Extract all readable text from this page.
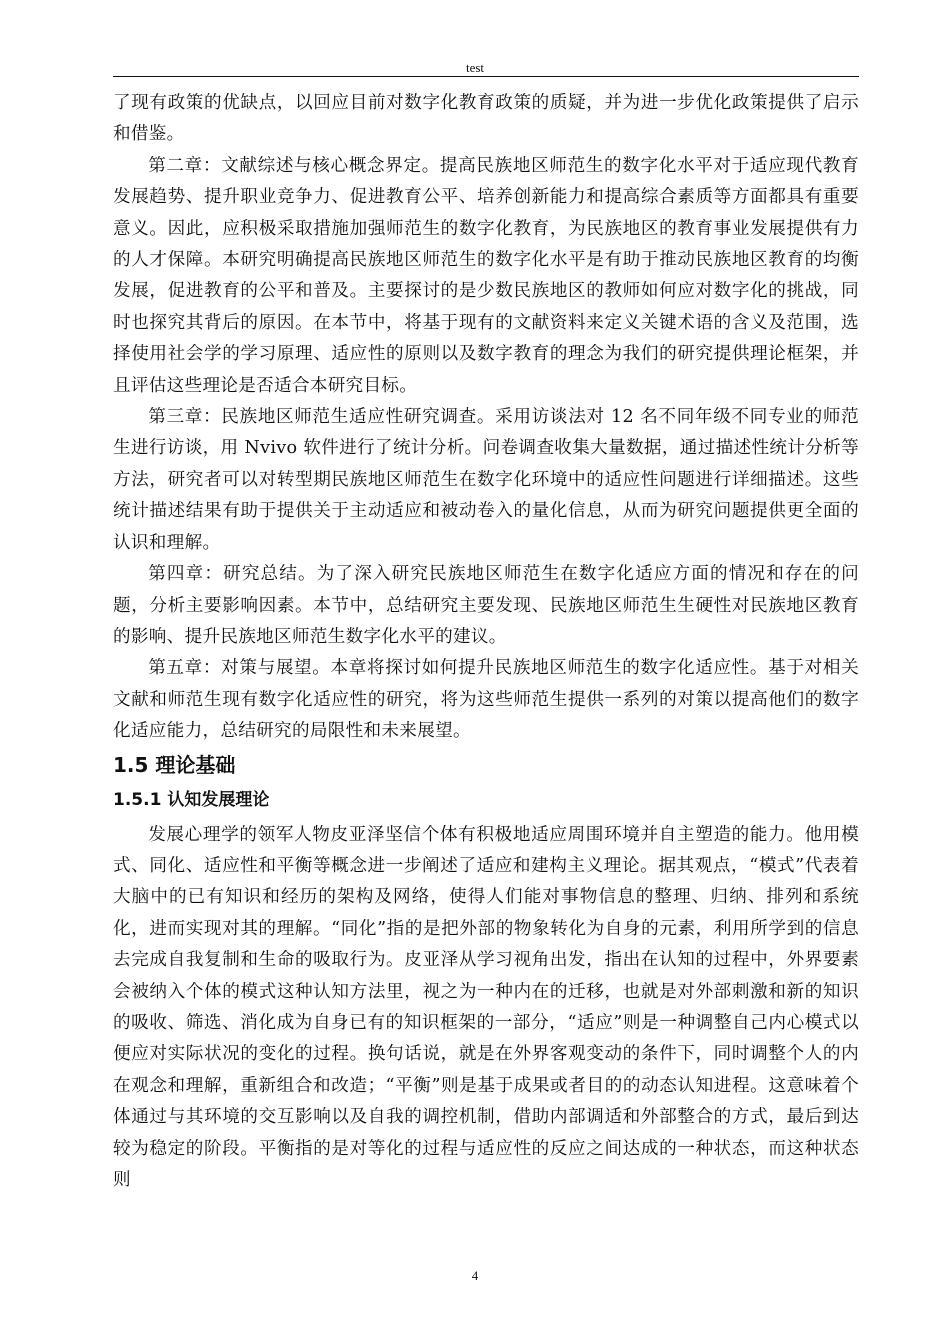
test

了现有政策的优缺点，以回应目前对数字化教育政策的质疑，并为进一步优化政策提供了启示和借鉴。

第二章：文献综述与核心概念界定。提高民族地区师范生的数字化水平对于适应现代教育发展趋势、提升职业竞争力、促进教育公平、培养创新能力和提高综合素质等方面都具有重要意义。因此，应积极采取措施加强师范生的数字化教育，为民族地区的教育事业发展提供有力的人才保障。本研究明确提高民族地区师范生的数字化水平是有助于推动民族地区教育的均衡发展，促进教育的公平和普及。主要探讨的是少数民族地区的教师如何应对数字化的挑战，同时也探究其背后的原因。在本节中，将基于现有的文献资料来定义关键术语的含义及范围，选择使用社会学的学习原理、适应性的原则以及数字教育的理念为我们的研究提供理论框架，并且评估这些理论是否适合本研究目标。

第三章：民族地区师范生适应性研究调查。采用访谈法对 12 名不同年级不同专业的师范生进行访谈，用 Nvivo 软件进行了统计分析。问卷调查收集大量数据，通过描述性统计分析等方法，研究者可以对转型期民族地区师范生在数字化环境中的适应性问题进行详细描述。这些统计描述结果有助于提供关于主动适应和被动卷入的量化信息，从而为研究问题提供更全面的认识和理解。

第四章：研究总结。为了深入研究民族地区师范生在数字化适应方面的情况和存在的问题，分析主要影响因素。本节中，总结研究主要发现、民族地区师范生生硬性对民族地区教育的影响、提升民族地区师范生数字化水平的建议。

第五章：对策与展望。本章将探讨如何提升民族地区师范生的数字化适应性。基于对相关文献和师范生现有数字化适应性的研究，将为这些师范生提供一系列的对策以提高他们的数字化适应能力，总结研究的局限性和未来展望。

1.5 理论基础
1.5.1 认知发展理论

发展心理学的领军人物皮亚泽坚信个体有积极地适应周围环境并自主塑造的能力。他用模式、同化、适应性和平衡等概念进一步阐述了适应和建构主义理论。据其观点，“模式”代表着大脑中的已有知识和经历的架构及网络，使得人们能对事物信息的整理、归纳、排列和系统化，进而实现对其的理解。“同化”指的是把外部的物象转化为自身的元素，利用所学到的信息去完成自我复制和生命的吸取行为。皮亚泽从学习视角出发，指出在认知的过程中，外界要素会被纳入个体的模式这种认知方法里，视之为一种内在的迁移，也就是对外部刺激和新的知识的吸收、筛选、消化成为自身已有的知识框架的一部分，“适应”则是一种调整自己内心模式以便应对实际状况的变化的过程。换句话说，就是在外界客观变动的条件下，同时调整个人的内在观念和理解，重新组合和改造；“平衡”则是基于成果或者目的的动态认知进程。这意味着个体通过与其环境的交互影响以及自我的调控机制，借助内部调适和外部整合的方式，最后到达较为稳定的阶段。平衡指的是对等化的过程与适应性的反应之间达成的一种状态，而这种状态则

4
